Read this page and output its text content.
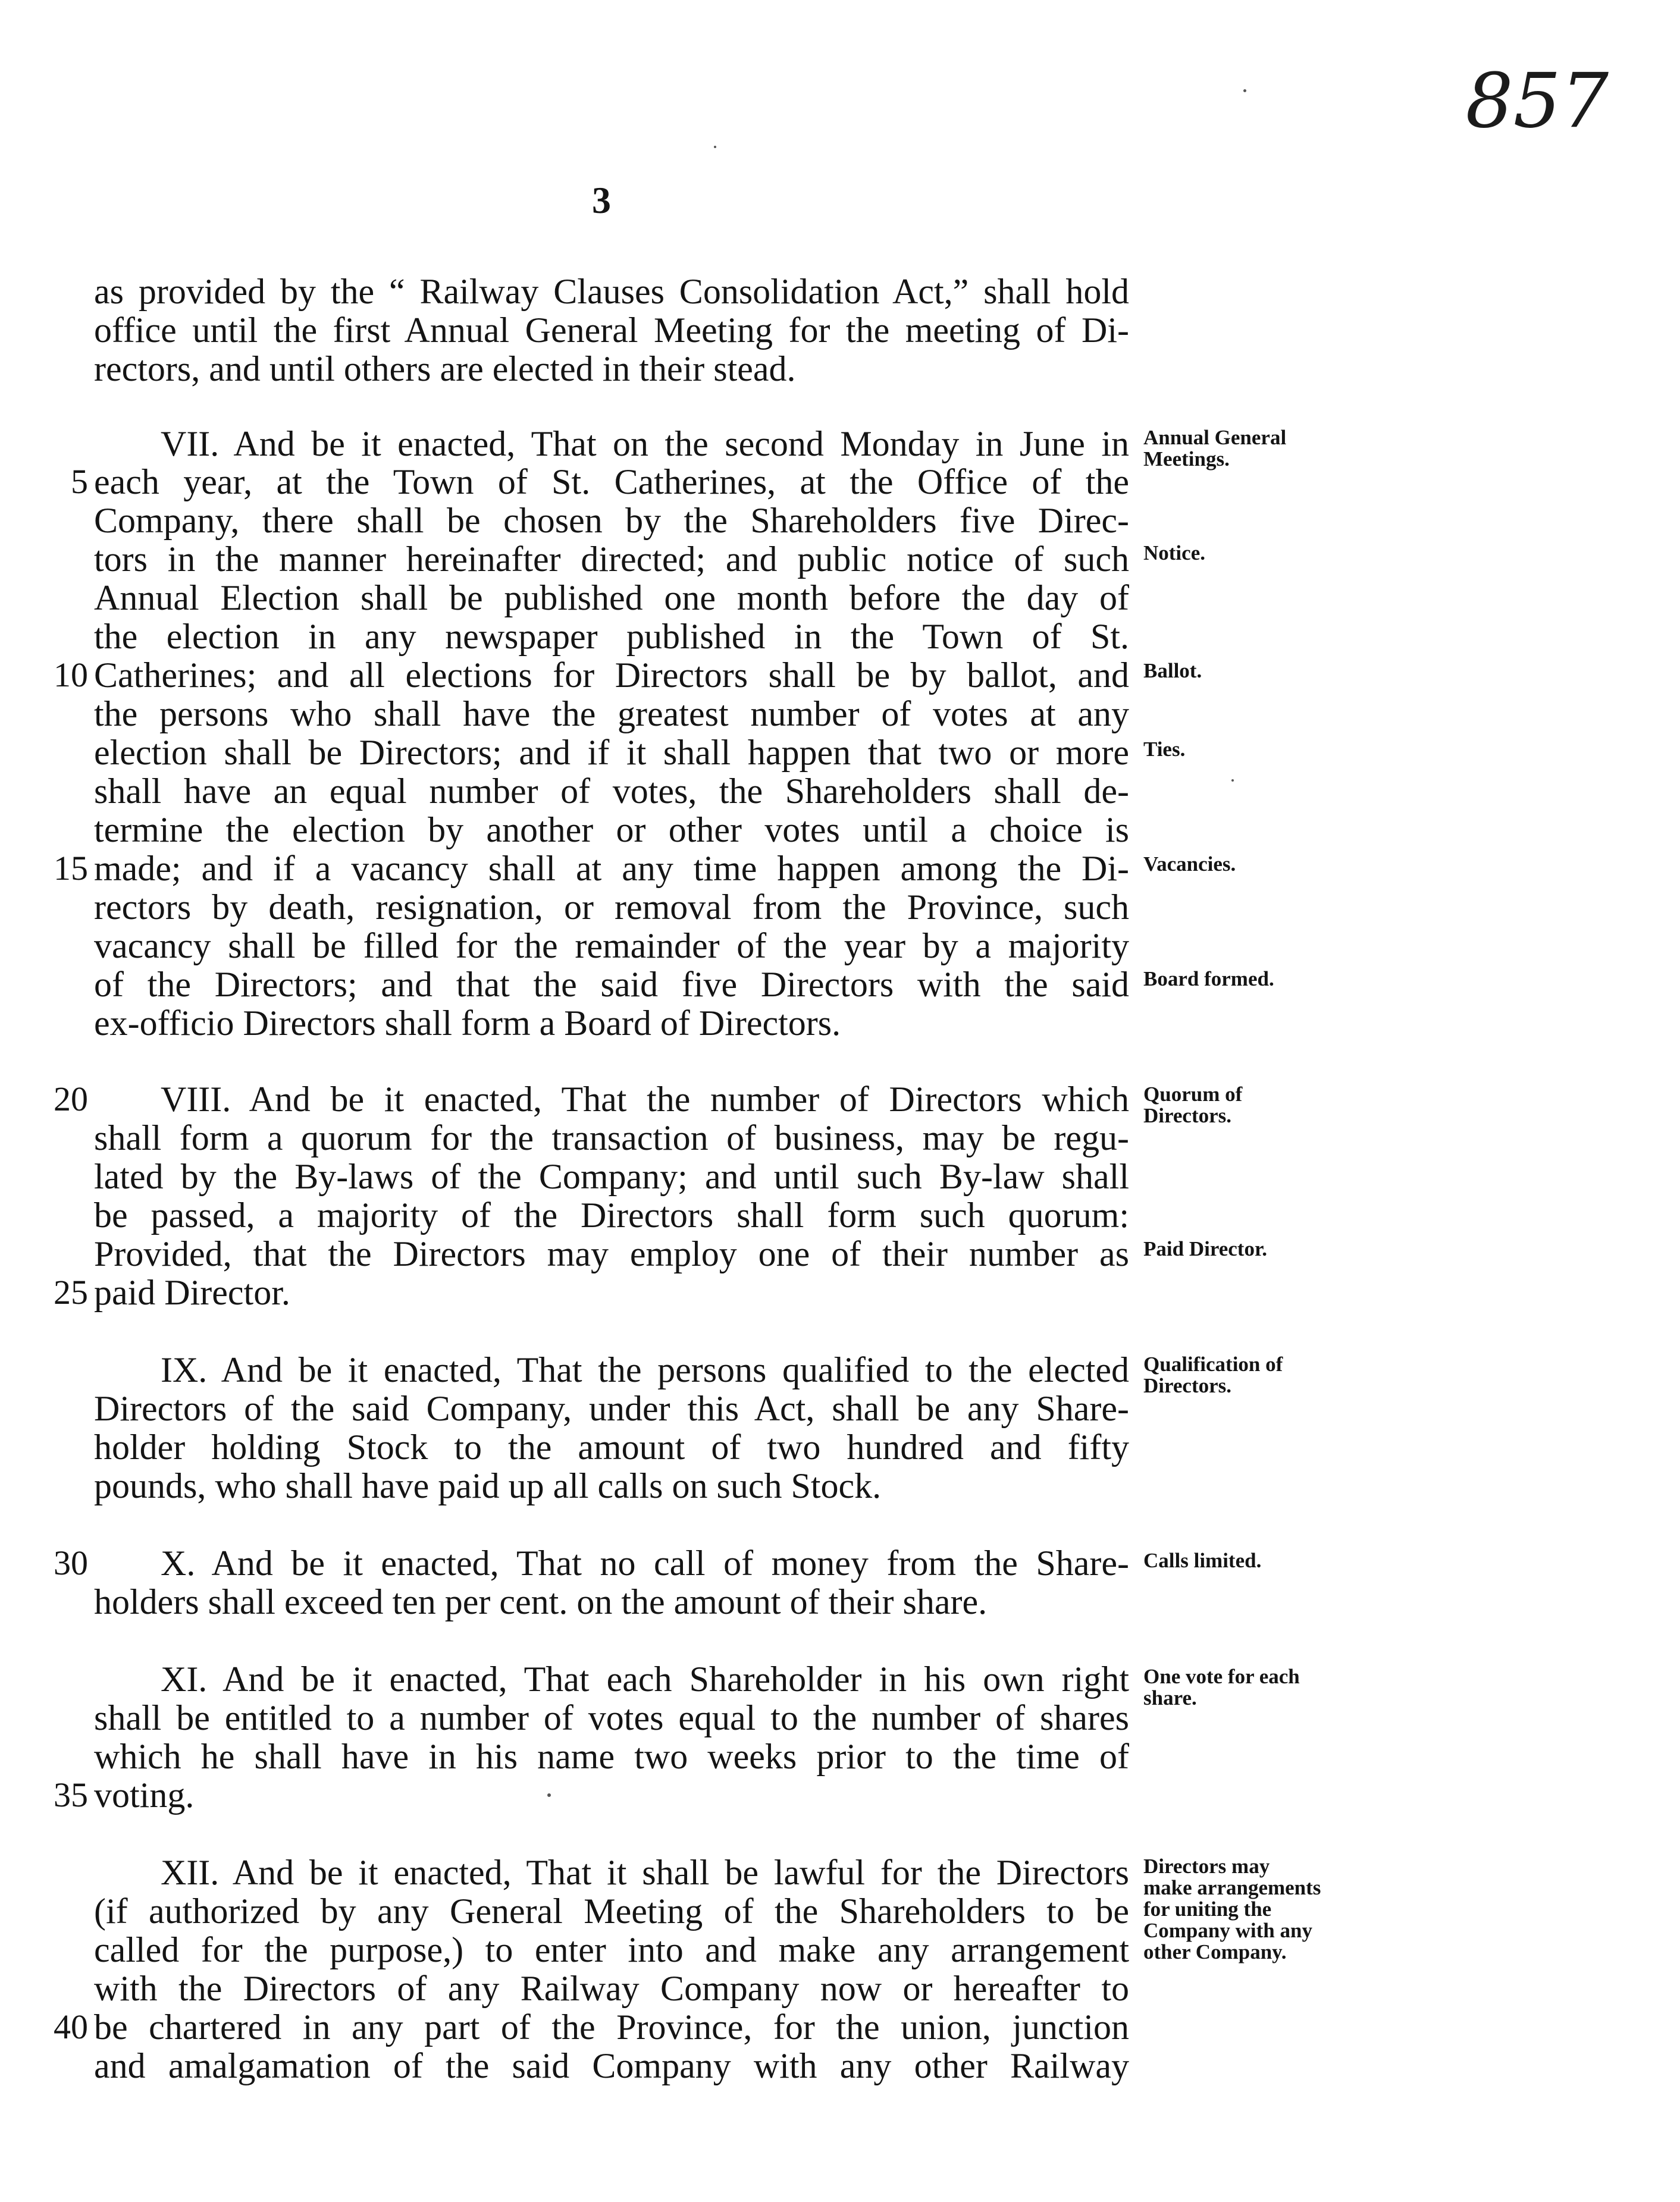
857
3
as provided by the “ Railway Clauses Consolidation Act,” shall hold
office until the first Annual General Meeting for the meeting of Di-
rectors, and until others are elected in their stead.
VII. And be it enacted, That on the second Monday in June in
each year, at the Town of St. Catherines, at the Office of the
5
Company, there shall be chosen by the Shareholders five Direc-
tors in the manner hereinafter directed; and public notice of such
Annual Election shall be published one month before the day of
the election in any newspaper published in the Town of St.
Catherines; and all elections for Directors shall be by ballot, and
10
the persons who shall have the greatest number of votes at any
election shall be Directors; and if it shall happen that two or more
shall have an equal number of votes, the Shareholders shall de-
termine the election by another or other votes until a choice is
made; and if a vacancy shall at any time happen among the Di-
15
rectors by death, resignation, or removal from the Province, such
vacancy shall be filled for the remainder of the year by a majority
of the Directors; and that the said five Directors with the said
ex-officio Directors shall form a Board of Directors.
VIII. And be it enacted, That the number of Directors which
20
shall form a quorum for the transaction of business, may be regu-
lated by the By-laws of the Company; and until such By-law shall
be passed, a majority of the Directors shall form such quorum:
Provided, that the Directors may employ one of their number as
paid Director.
25
IX. And be it enacted, That the persons qualified to the elected
Directors of the said Company, under this Act, shall be any Share-
holder holding Stock to the amount of two hundred and fifty
pounds, who shall have paid up all calls on such Stock.
X. And be it enacted, That no call of money from the Share-
30
holders shall exceed ten per cent. on the amount of their share.
XI. And be it enacted, That each Shareholder in his own right
shall be entitled to a number of votes equal to the number of shares
which he shall have in his name two weeks prior to the time of
voting.
35
XII. And be it enacted, That it shall be lawful for the Directors
(if authorized by any General Meeting of the Shareholders to be
called for the purpose,) to enter into and make any arrangement
with the Directors of any Railway Company now or hereafter to
be chartered in any part of the Province, for the union, junction
40
and amalgamation of the said Company with any other Railway
Annual General Meetings.
Notice.
Ballot.
Ties.
Vacancies.
Board formed.
Quorum of Directors.
Paid Director.
Qualification of Directors.
Calls limited.
One vote for each share.
Directors may make arrangements for uniting the Company with any other Company.
